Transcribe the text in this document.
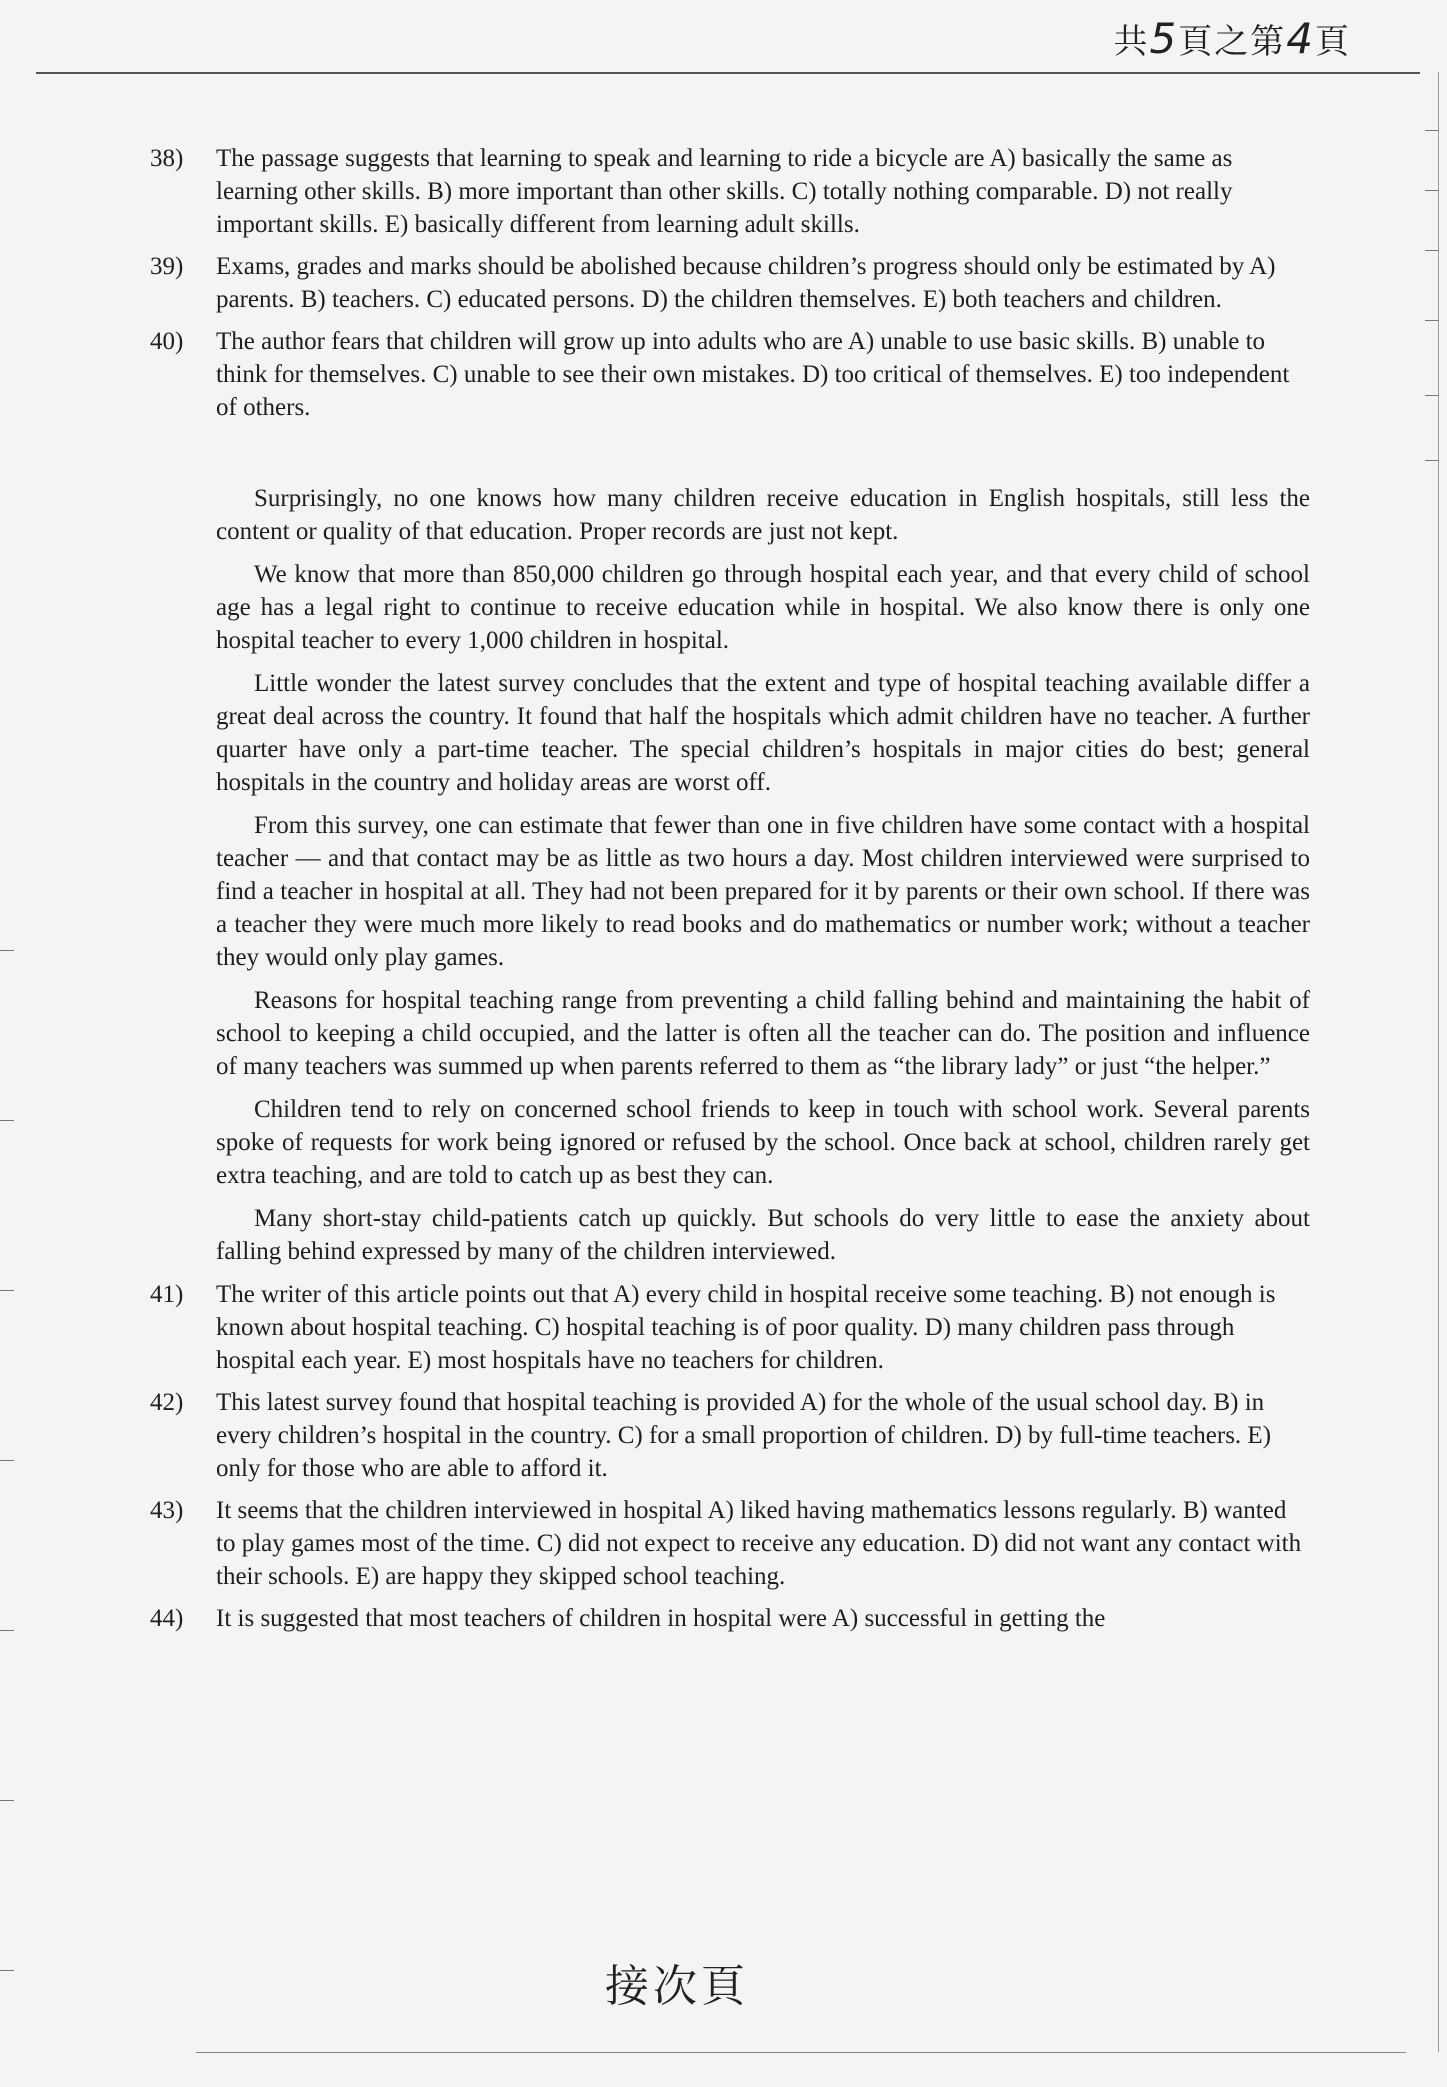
共5頁之第4頁
38) The passage suggests that learning to speak and learning to ride a bicycle are A) basically the same as learning other skills. B) more important than other skills. C) totally nothing comparable. D) not really important skills. E) basically different from learning adult skills.
39) Exams, grades and marks should be abolished because children’s progress should only be estimated by A) parents. B) teachers. C) educated persons. D) the children themselves. E) both teachers and children.
40) The author fears that children will grow up into adults who are A) unable to use basic skills. B) unable to think for themselves. C) unable to see their own mistakes. D) too critical of themselves. E) too independent of others.

Surprisingly, no one knows how many children receive education in English hospitals, still less the content or quality of that education. Proper records are just not kept.

We know that more than 850,000 children go through hospital each year, and that every child of school age has a legal right to continue to receive education while in hospital. We also know there is only one hospital teacher to every 1,000 children in hospital.

Little wonder the latest survey concludes that the extent and type of hospital teaching available differ a great deal across the country. It found that half the hospitals which admit children have no teacher. A further quarter have only a part-time teacher. The special children’s hospitals in major cities do best; general hospitals in the country and holiday areas are worst off.

From this survey, one can estimate that fewer than one in five children have some contact with a hospital teacher — and that contact may be as little as two hours a day. Most children interviewed were surprised to find a teacher in hospital at all. They had not been prepared for it by parents or their own school. If there was a teacher they were much more likely to read books and do mathematics or number work; without a teacher they would only play games.

Reasons for hospital teaching range from preventing a child falling behind and maintaining the habit of school to keeping a child occupied, and the latter is often all the teacher can do. The position and influence of many teachers was summed up when parents referred to them as “the library lady” or just “the helper.”

Children tend to rely on concerned school friends to keep in touch with school work. Several parents spoke of requests for work being ignored or refused by the school. Once back at school, children rarely get extra teaching, and are told to catch up as best they can.

Many short-stay child-patients catch up quickly. But schools do very little to ease the anxiety about falling behind expressed by many of the children interviewed.

41) The writer of this article points out that A) every child in hospital receive some teaching. B) not enough is known about hospital teaching. C) hospital teaching is of poor quality. D) many children pass through hospital each year. E) most hospitals have no teachers for children.
42) This latest survey found that hospital teaching is provided A) for the whole of the usual school day. B) in every children’s hospital in the country. C) for a small proportion of children. D) by full-time teachers. E) only for those who are able to afford it.
43) It seems that the children interviewed in hospital A) liked having mathematics lessons regularly. B) wanted to play games most of the time. C) did not expect to receive any education. D) did not want any contact with their schools. E) are happy they skipped school teaching.
44) It is suggested that most teachers of children in hospital were A) successful in getting the
接次頁
